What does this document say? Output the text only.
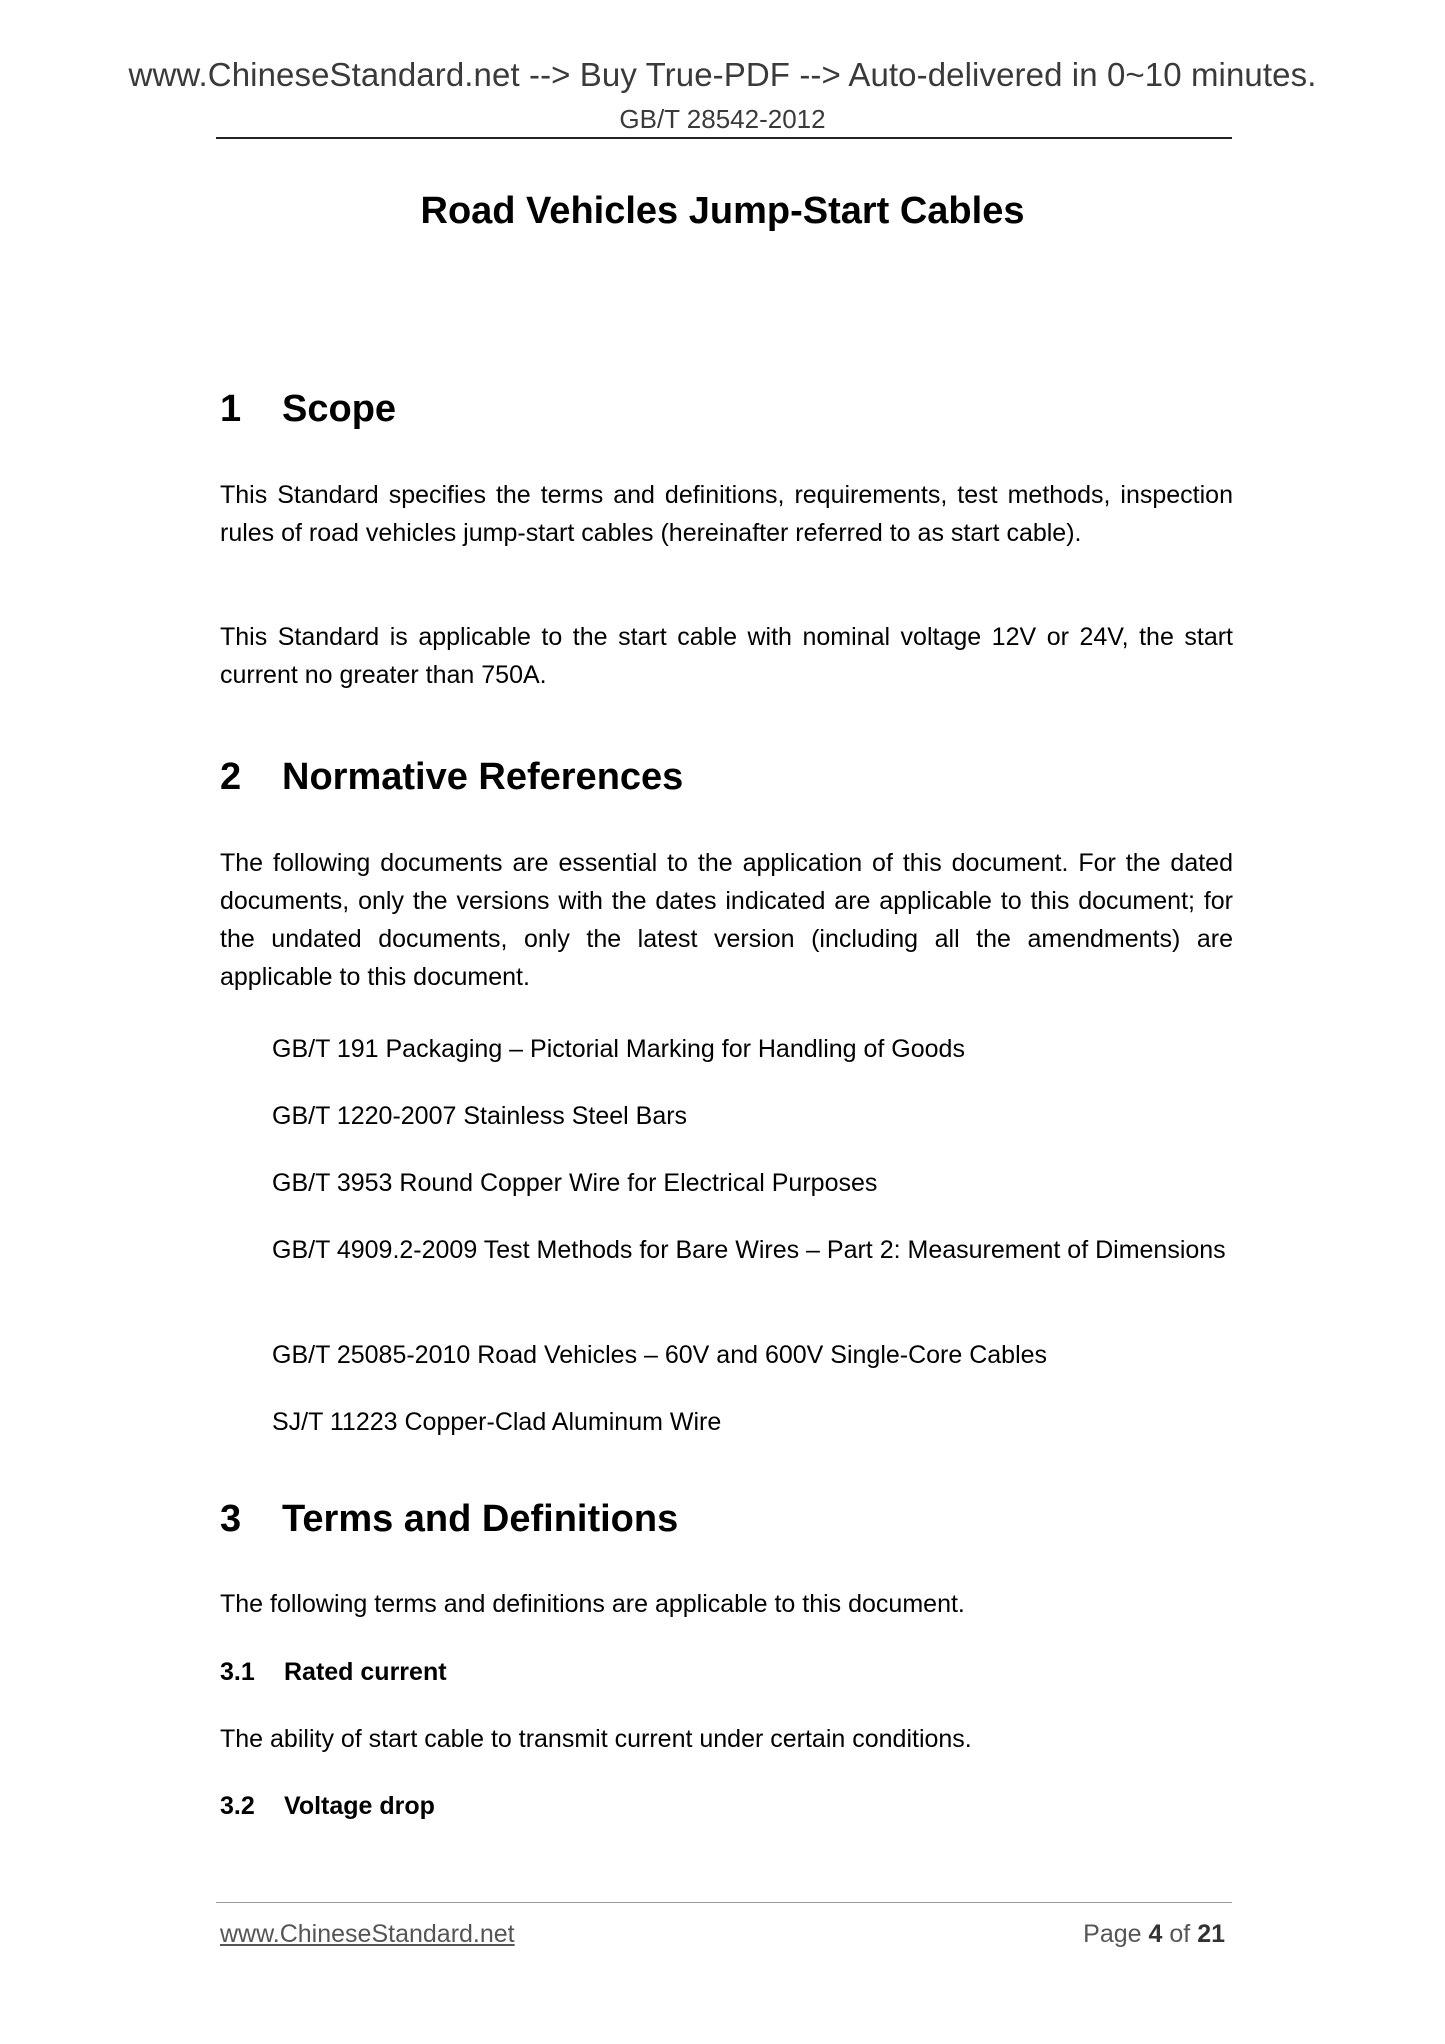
www.ChineseStandard.net --> Buy True-PDF --> Auto-delivered in 0~10 minutes.
GB/T 28542-2012
Road Vehicles Jump-Start Cables
1 Scope
This Standard specifies the terms and definitions, requirements, test methods, inspection rules of road vehicles jump-start cables (hereinafter referred to as start cable).
This Standard is applicable to the start cable with nominal voltage 12V or 24V, the start current no greater than 750A.
2 Normative References
The following documents are essential to the application of this document. For the dated documents, only the versions with the dates indicated are applicable to this document; for the undated documents, only the latest version (including all the amendments) are applicable to this document.
GB/T 191 Packaging – Pictorial Marking for Handling of Goods
GB/T 1220-2007 Stainless Steel Bars
GB/T 3953 Round Copper Wire for Electrical Purposes
GB/T 4909.2-2009 Test Methods for Bare Wires – Part 2: Measurement of Dimensions
GB/T 25085-2010 Road Vehicles – 60V and 600V Single-Core Cables
SJ/T 11223 Copper-Clad Aluminum Wire
3 Terms and Definitions
The following terms and definitions are applicable to this document.
3.1 Rated current
The ability of start cable to transmit current under certain conditions.
3.2 Voltage drop
www.ChineseStandard.net	Page 4 of 21
